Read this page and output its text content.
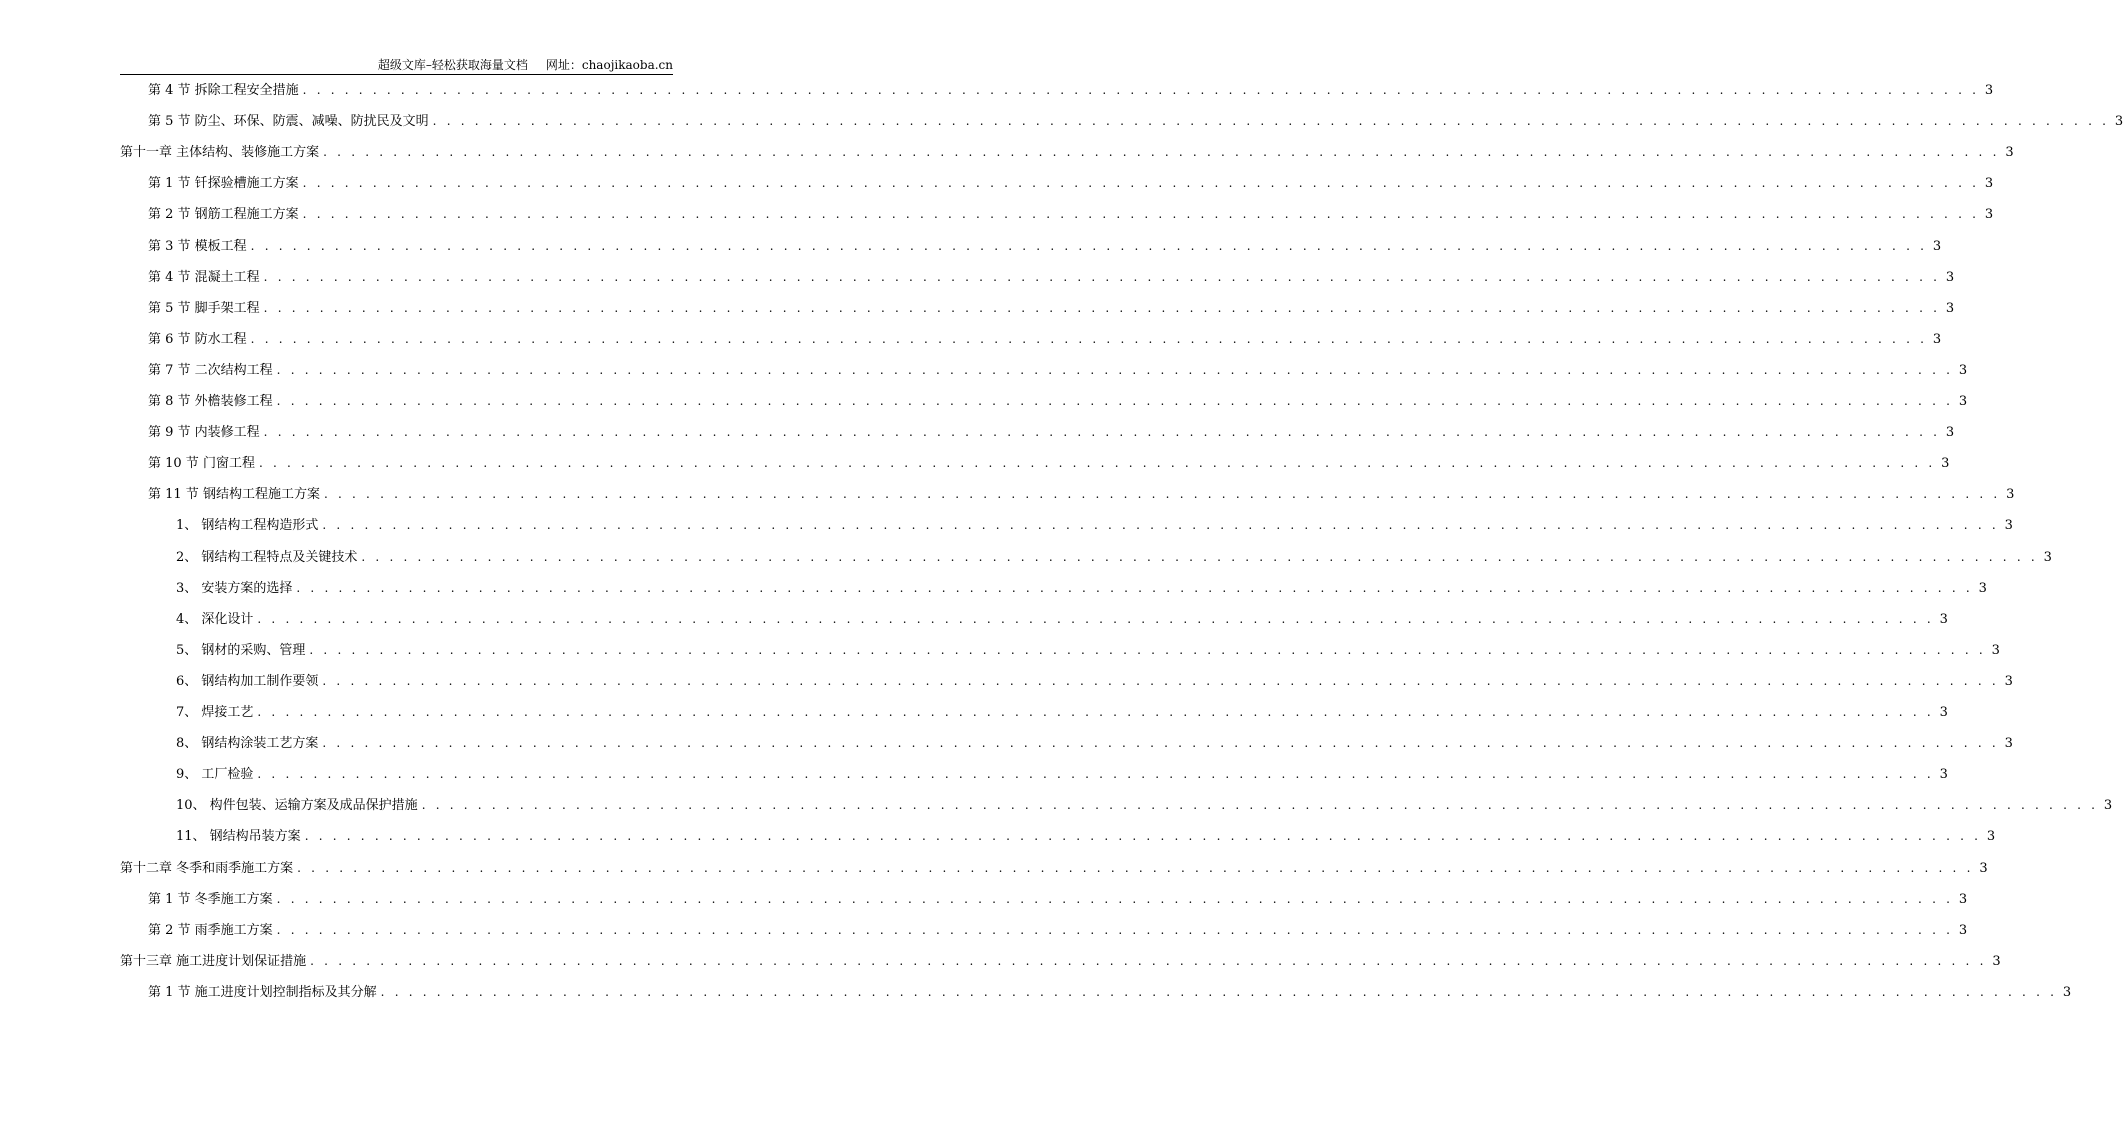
超级文库–轻松获取海量文档 网址：chaojikaoba.cn
第 4 节 拆除工程安全措施 . . . . . . . . . . . . . . . . . . . . . . . . . . . . . . . . . . . . . . . . . . . . . . . . . . . . . . . . . . . . . . . . . . . . . . . . . . . . . . . . . . . . . . . . . . . . . . . . . . . . . . . . . . . . . . . . . . . . . . . . 3
第 5 节 防尘、环保、防震、减噪、防扰民及文明 . . . . . . . . . . . . . . . . . . . . . . . . . . . . . . . . . . . . . . . . . . . . . . . . . . . . . . . . . . . . . . . . . . . . . . . . . . . . . . . . . . . . . . . . . . . . . . . . . . . . . . . . . . . . . . . . . . . . . . . . 3
第十一章 主体结构、装修施工方案 . . . . . . . . . . . . . . . . . . . . . . . . . . . . . . . . . . . . . . . . . . . . . . . . . . . . . . . . . . . . . . . . . . . . . . . . . . . . . . . . . . . . . . . . . . . . . . . . . . . . . . . . . . . . . . . . . . . . . . . . 3
第 1 节 钎探验槽施工方案 . . . . . . . . . . . . . . . . . . . . . . . . . . . . . . . . . . . . . . . . . . . . . . . . . . . . . . . . . . . . . . . . . . . . . . . . . . . . . . . . . . . . . . . . . . . . . . . . . . . . . . . . . . . . . . . . . . . . . . . . 3
第 2 节 钢筋工程施工方案 . . . . . . . . . . . . . . . . . . . . . . . . . . . . . . . . . . . . . . . . . . . . . . . . . . . . . . . . . . . . . . . . . . . . . . . . . . . . . . . . . . . . . . . . . . . . . . . . . . . . . . . . . . . . . . . . . . . . . . . . 3
第 3 节 模板工程 . . . . . . . . . . . . . . . . . . . . . . . . . . . . . . . . . . . . . . . . . . . . . . . . . . . . . . . . . . . . . . . . . . . . . . . . . . . . . . . . . . . . . . . . . . . . . . . . . . . . . . . . . . . . . . . . . . . . . . . . 3
第 4 节 混凝土工程 . . . . . . . . . . . . . . . . . . . . . . . . . . . . . . . . . . . . . . . . . . . . . . . . . . . . . . . . . . . . . . . . . . . . . . . . . . . . . . . . . . . . . . . . . . . . . . . . . . . . . . . . . . . . . . . . . . . . . . . . 3
第 5 节 脚手架工程 . . . . . . . . . . . . . . . . . . . . . . . . . . . . . . . . . . . . . . . . . . . . . . . . . . . . . . . . . . . . . . . . . . . . . . . . . . . . . . . . . . . . . . . . . . . . . . . . . . . . . . . . . . . . . . . . . . . . . . . . 3
第 6 节 防水工程 . . . . . . . . . . . . . . . . . . . . . . . . . . . . . . . . . . . . . . . . . . . . . . . . . . . . . . . . . . . . . . . . . . . . . . . . . . . . . . . . . . . . . . . . . . . . . . . . . . . . . . . . . . . . . . . . . . . . . . . . 3
第 7 节 二次结构工程 . . . . . . . . . . . . . . . . . . . . . . . . . . . . . . . . . . . . . . . . . . . . . . . . . . . . . . . . . . . . . . . . . . . . . . . . . . . . . . . . . . . . . . . . . . . . . . . . . . . . . . . . . . . . . . . . . . . . . . . . 3
第 8 节 外檐装修工程 . . . . . . . . . . . . . . . . . . . . . . . . . . . . . . . . . . . . . . . . . . . . . . . . . . . . . . . . . . . . . . . . . . . . . . . . . . . . . . . . . . . . . . . . . . . . . . . . . . . . . . . . . . . . . . . . . . . . . . . . 3
第 9 节 内装修工程 . . . . . . . . . . . . . . . . . . . . . . . . . . . . . . . . . . . . . . . . . . . . . . . . . . . . . . . . . . . . . . . . . . . . . . . . . . . . . . . . . . . . . . . . . . . . . . . . . . . . . . . . . . . . . . . . . . . . . . . . 3
第 10 节 门窗工程 . . . . . . . . . . . . . . . . . . . . . . . . . . . . . . . . . . . . . . . . . . . . . . . . . . . . . . . . . . . . . . . . . . . . . . . . . . . . . . . . . . . . . . . . . . . . . . . . . . . . . . . . . . . . . . . . . . . . . . . . 3
第 11 节 钢结构工程施工方案 . . . . . . . . . . . . . . . . . . . . . . . . . . . . . . . . . . . . . . . . . . . . . . . . . . . . . . . . . . . . . . . . . . . . . . . . . . . . . . . . . . . . . . . . . . . . . . . . . . . . . . . . . . . . . . . . . . . . . . . . 3
1、 钢结构工程构造形式 . . . . . . . . . . . . . . . . . . . . . . . . . . . . . . . . . . . . . . . . . . . . . . . . . . . . . . . . . . . . . . . . . . . . . . . . . . . . . . . . . . . . . . . . . . . . . . . . . . . . . . . . . . . . . . . . . . . . . . . . 3
2、 钢结构工程特点及关键技术 . . . . . . . . . . . . . . . . . . . . . . . . . . . . . . . . . . . . . . . . . . . . . . . . . . . . . . . . . . . . . . . . . . . . . . . . . . . . . . . . . . . . . . . . . . . . . . . . . . . . . . . . . . . . . . . . . . . . . . . . 3
3、 安装方案的选择 . . . . . . . . . . . . . . . . . . . . . . . . . . . . . . . . . . . . . . . . . . . . . . . . . . . . . . . . . . . . . . . . . . . . . . . . . . . . . . . . . . . . . . . . . . . . . . . . . . . . . . . . . . . . . . . . . . . . . . . . 3
4、 深化设计 . . . . . . . . . . . . . . . . . . . . . . . . . . . . . . . . . . . . . . . . . . . . . . . . . . . . . . . . . . . . . . . . . . . . . . . . . . . . . . . . . . . . . . . . . . . . . . . . . . . . . . . . . . . . . . . . . . . . . . . . 3
5、 钢材的采购、管理 . . . . . . . . . . . . . . . . . . . . . . . . . . . . . . . . . . . . . . . . . . . . . . . . . . . . . . . . . . . . . . . . . . . . . . . . . . . . . . . . . . . . . . . . . . . . . . . . . . . . . . . . . . . . . . . . . . . . . . . . 3
6、 钢结构加工制作要领 . . . . . . . . . . . . . . . . . . . . . . . . . . . . . . . . . . . . . . . . . . . . . . . . . . . . . . . . . . . . . . . . . . . . . . . . . . . . . . . . . . . . . . . . . . . . . . . . . . . . . . . . . . . . . . . . . . . . . . . . 3
7、 焊接工艺 . . . . . . . . . . . . . . . . . . . . . . . . . . . . . . . . . . . . . . . . . . . . . . . . . . . . . . . . . . . . . . . . . . . . . . . . . . . . . . . . . . . . . . . . . . . . . . . . . . . . . . . . . . . . . . . . . . . . . . . . 3
8、 钢结构涂装工艺方案 . . . . . . . . . . . . . . . . . . . . . . . . . . . . . . . . . . . . . . . . . . . . . . . . . . . . . . . . . . . . . . . . . . . . . . . . . . . . . . . . . . . . . . . . . . . . . . . . . . . . . . . . . . . . . . . . . . . . . . . . 3
9、 工厂检验 . . . . . . . . . . . . . . . . . . . . . . . . . . . . . . . . . . . . . . . . . . . . . . . . . . . . . . . . . . . . . . . . . . . . . . . . . . . . . . . . . . . . . . . . . . . . . . . . . . . . . . . . . . . . . . . . . . . . . . . . 3
10、 构件包装、运输方案及成品保护措施 . . . . . . . . . . . . . . . . . . . . . . . . . . . . . . . . . . . . . . . . . . . . . . . . . . . . . . . . . . . . . . . . . . . . . . . . . . . . . . . . . . . . . . . . . . . . . . . . . . . . . . . . . . . . . . . . . . . . . . . . 3
11、 钢结构吊装方案 . . . . . . . . . . . . . . . . . . . . . . . . . . . . . . . . . . . . . . . . . . . . . . . . . . . . . . . . . . . . . . . . . . . . . . . . . . . . . . . . . . . . . . . . . . . . . . . . . . . . . . . . . . . . . . . . . . . . . . . . 3
第十二章 冬季和雨季施工方案 . . . . . . . . . . . . . . . . . . . . . . . . . . . . . . . . . . . . . . . . . . . . . . . . . . . . . . . . . . . . . . . . . . . . . . . . . . . . . . . . . . . . . . . . . . . . . . . . . . . . . . . . . . . . . . . . . . . . . . . . 3
第 1 节 冬季施工方案 . . . . . . . . . . . . . . . . . . . . . . . . . . . . . . . . . . . . . . . . . . . . . . . . . . . . . . . . . . . . . . . . . . . . . . . . . . . . . . . . . . . . . . . . . . . . . . . . . . . . . . . . . . . . . . . . . . . . . . . . 3
第 2 节 雨季施工方案 . . . . . . . . . . . . . . . . . . . . . . . . . . . . . . . . . . . . . . . . . . . . . . . . . . . . . . . . . . . . . . . . . . . . . . . . . . . . . . . . . . . . . . . . . . . . . . . . . . . . . . . . . . . . . . . . . . . . . . . . 3
第十三章 施工进度计划保证措施 . . . . . . . . . . . . . . . . . . . . . . . . . . . . . . . . . . . . . . . . . . . . . . . . . . . . . . . . . . . . . . . . . . . . . . . . . . . . . . . . . . . . . . . . . . . . . . . . . . . . . . . . . . . . . . . . . . . . . . . . 3
第 1 节 施工进度计划控制指标及其分解 . . . . . . . . . . . . . . . . . . . . . . . . . . . . . . . . . . . . . . . . . . . . . . . . . . . . . . . . . . . . . . . . . . . . . . . . . . . . . . . . . . . . . . . . . . . . . . . . . . . . . . . . . . . . . . . . . . . . . . . . 3
